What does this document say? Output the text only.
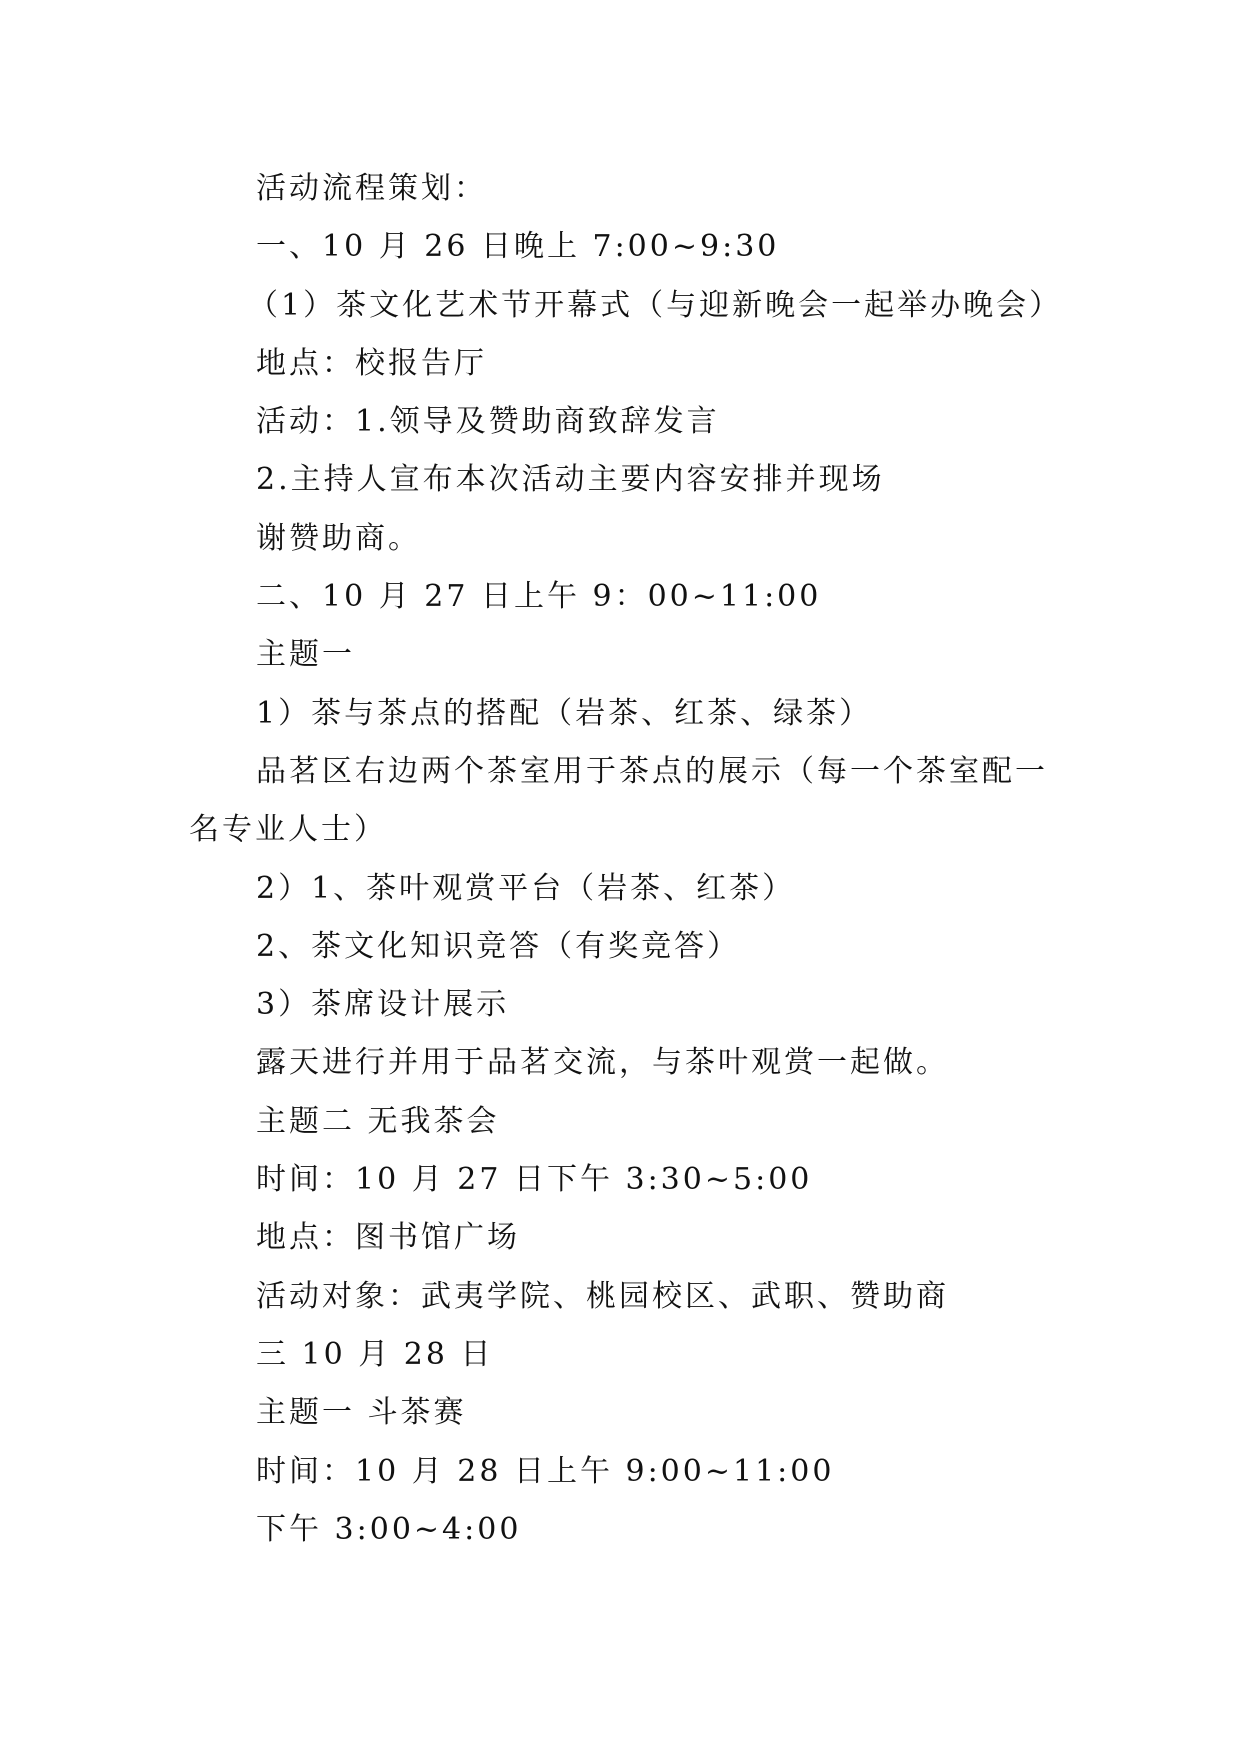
活动流程策划：
一、10 月 26 日晚上 7:00~9:30
（1）茶文化艺术节开幕式（与迎新晚会一起举办晚会）
地点：校报告厅
活动：1.领导及赞助商致辞发言
2.主持人宣布本次活动主要内容安排并现场
谢赞助商。
二、10 月 27 日上午 9：00~11:00
主题一
1）茶与茶点的搭配（岩茶、红茶、绿茶）
品茗区右边两个茶室用于茶点的展示（每一个茶室配一
名专业人士）
2）1、茶叶观赏平台（岩茶、红茶）
2、茶文化知识竞答（有奖竞答）
3）茶席设计展示
露天进行并用于品茗交流，与茶叶观赏一起做。
主题二 无我茶会
时间：10 月 27 日下午 3:30~5:00
地点：图书馆广场
活动对象：武夷学院、桃园校区、武职、赞助商
三 10 月 28 日
主题一 斗茶赛
时间：10 月 28 日上午 9:00~11:00
下午 3:00~4:00
